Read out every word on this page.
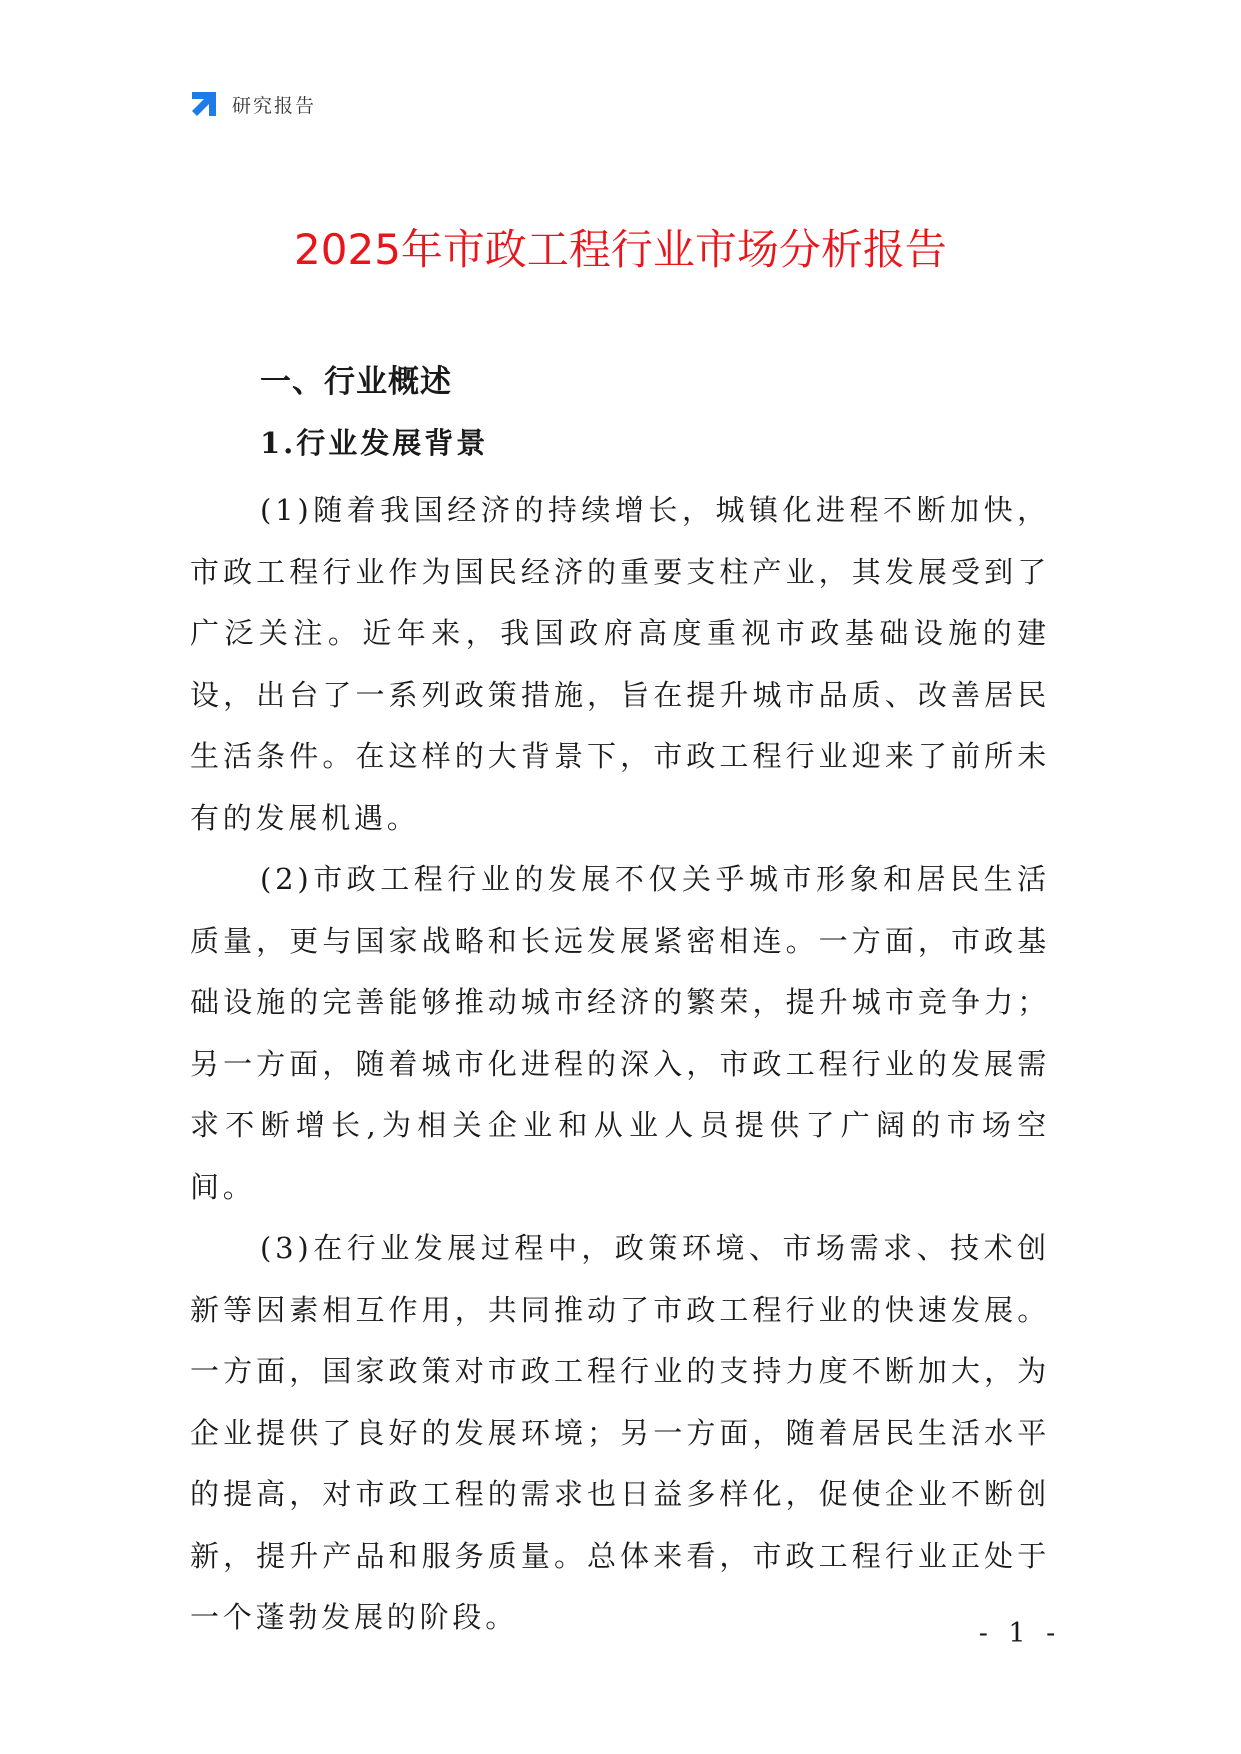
研究报告
2025年市政工程行业市场分析报告
一、行业概述
1.行业发展背景

(1)随着我国经济的持续增长，城镇化进程不断加快，市政工程行业作为国民经济的重要支柱产业，其发展受到了广泛关注。近年来，我国政府高度重视市政基础设施的建设，出台了一系列政策措施，旨在提升城市品质、改善居民生活条件。在这样的大背景下，市政工程行业迎来了前所未有的发展机遇。

(2)市政工程行业的发展不仅关乎城市形象和居民生活质量，更与国家战略和长远发展紧密相连。一方面，市政基础设施的完善能够推动城市经济的繁荣，提升城市竞争力；另一方面，随着城市化进程的深入，市政工程行业的发展需求不断增长,为相关企业和从业人员提供了广阔的市场空间。

(3)在行业发展过程中，政策环境、市场需求、技术创新等因素相互作用，共同推动了市政工程行业的快速发展。一方面，国家政策对市政工程行业的支持力度不断加大，为企业提供了良好的发展环境；另一方面，随着居民生活水平的提高，对市政工程的需求也日益多样化，促使企业不断创新，提升产品和服务质量。总体来看，市政工程行业正处于一个蓬勃发展的阶段。	- 1 -
